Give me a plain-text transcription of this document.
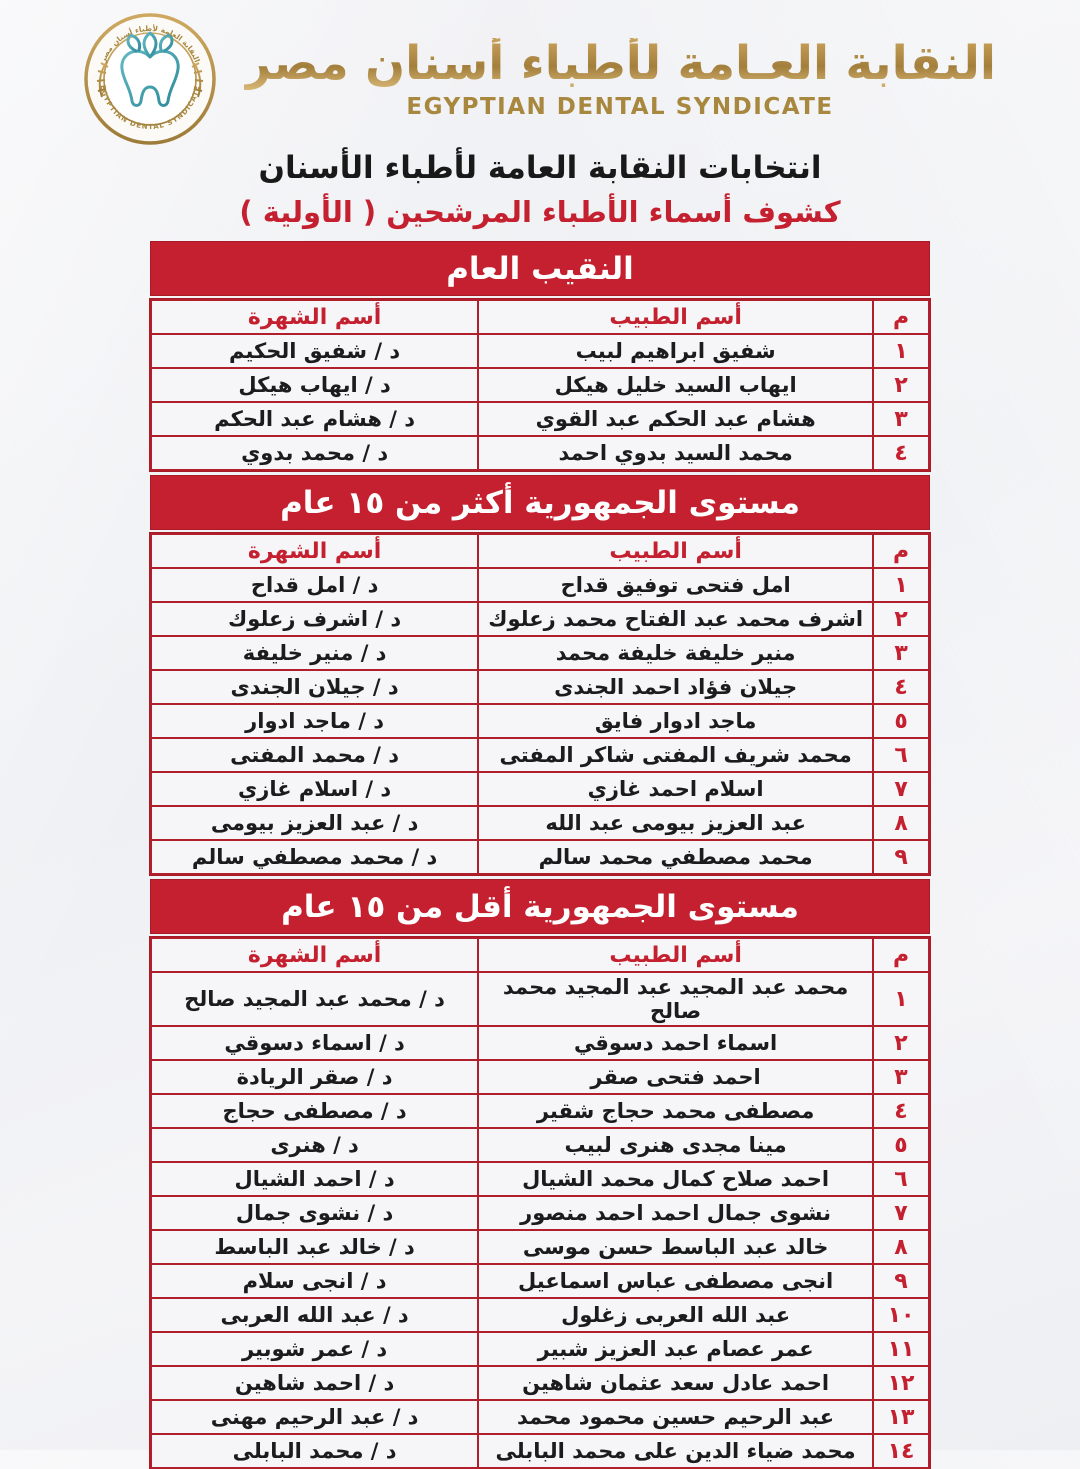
النقابة العـامة لأطباء أسنان مصر
EGYPTIAN DENTAL SYNDICATE
النقابة العامة لأطباء أسنان مصر
EGYPTIAN DENTAL SYNDICATE
انتخابات النقابة العامة لأطباء الأسنان
كشوف أسماء الأطباء المرشحين ( الأولية )
النقيب العام
م	أسم الطبيب	أسم الشهرة
١	شفيق ابراهيم لبيب	د / شفيق الحكيم
٢	ايهاب السيد خليل هيكل	د / ايهاب هيكل
٣	هشام عبد الحكم عبد القوي	د / هشام عبد الحكم
٤	محمد السيد بدوي احمد	د / محمد بدوي
مستوى الجمهورية أكثر من ١٥ عام
م	أسم الطبيب	أسم الشهرة
١	امل فتحى توفيق قداح	د / امل قداح
٢	اشرف محمد عبد الفتاح محمد زعلوك	د / اشرف زعلوك
٣	منير خليفة خليفة محمد	د / منير خليفة
٤	جيلان فؤاد احمد الجندى	د / جيلان الجندى
٥	ماجد ادوار فايق	د / ماجد ادوار
٦	محمد شريف المفتى شاكر المفتى	د / محمد المفتى
٧	اسلام احمد غازي	د / اسلام غازي
٨	عبد العزيز بيومى عبد الله	د / عبد العزيز بيومى
٩	محمد مصطفي محمد سالم	د / محمد مصطفي سالم
مستوى الجمهورية أقل من ١٥ عام
م	أسم الطبيب	أسم الشهرة
١	محمد عبد المجيد عبد المجيد محمد صالح	د / محمد عبد المجيد صالح
٢	اسماء احمد دسوقي	د / اسماء دسوقي
٣	احمد فتحى صقر	د / صقر الريادة
٤	مصطفى محمد حجاج شقير	د / مصطفى حجاج
٥	مينا مجدى هنرى لبيب	د / هنرى
٦	احمد صلاح كمال محمد الشيال	د / احمد الشيال
٧	نشوى جمال احمد احمد منصور	د / نشوى جمال
٨	خالد عبد الباسط حسن موسى	د / خالد عبد الباسط
٩	انجى مصطفى عباس اسماعيل	د / انجى سلام
١٠	عبد الله العربى زغلول	د / عبد الله العربى
١١	عمر عصام عبد العزيز شبير	د / عمر شوبير
١٢	احمد عادل سعد عثمان شاهين	د / احمد شاهين
١٣	عبد الرحيم حسين محمود محمد	د / عبد الرحيم مهنى
١٤	محمد ضياء الدين على محمد البابلى	د / محمد البابلى
